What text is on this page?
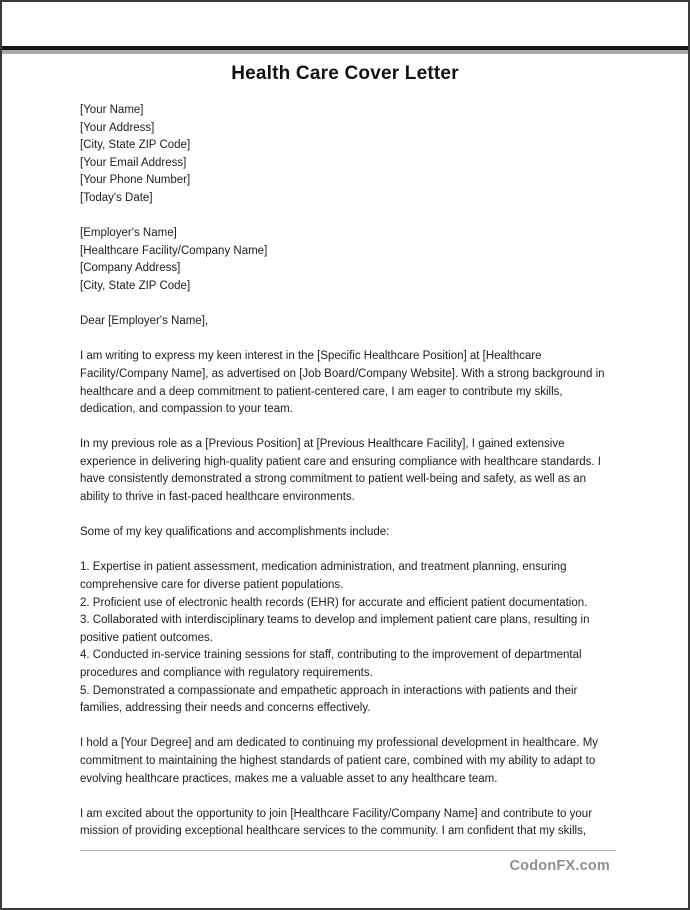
Health Care Cover Letter
[Your Name]
[Your Address]
[City, State ZIP Code]
[Your Email Address]
[Your Phone Number]
[Today's Date]
[Employer's Name]
[Healthcare Facility/Company Name]
[Company Address]
[City, State ZIP Code]

Dear [Employer's Name],

I am writing to express my keen interest in the [Specific Healthcare Position] at [Healthcare Facility/Company Name], as advertised on [Job Board/Company Website]. With a strong background in healthcare and a deep commitment to patient-centered care, I am eager to contribute my skills, dedication, and compassion to your team.

In my previous role as a [Previous Position] at [Previous Healthcare Facility], I gained extensive experience in delivering high-quality patient care and ensuring compliance with healthcare standards. I have consistently demonstrated a strong commitment to patient well-being and safety, as well as an ability to thrive in fast-paced healthcare environments.

Some of my key qualifications and accomplishments include:

1. Expertise in patient assessment, medication administration, and treatment planning, ensuring comprehensive care for diverse patient populations.
2. Proficient use of electronic health records (EHR) for accurate and efficient patient documentation.
3. Collaborated with interdisciplinary teams to develop and implement patient care plans, resulting in positive patient outcomes.
4. Conducted in-service training sessions for staff, contributing to the improvement of departmental procedures and compliance with regulatory requirements.
5. Demonstrated a compassionate and empathetic approach in interactions with patients and their families, addressing their needs and concerns effectively.

I hold a [Your Degree] and am dedicated to continuing my professional development in healthcare. My commitment to maintaining the highest standards of patient care, combined with my ability to adapt to evolving healthcare practices, makes me a valuable asset to any healthcare team.

I am excited about the opportunity to join [Healthcare Facility/Company Name] and contribute to your mission of providing exceptional healthcare services to the community. I am confident that my skills,

CodonFX.com
